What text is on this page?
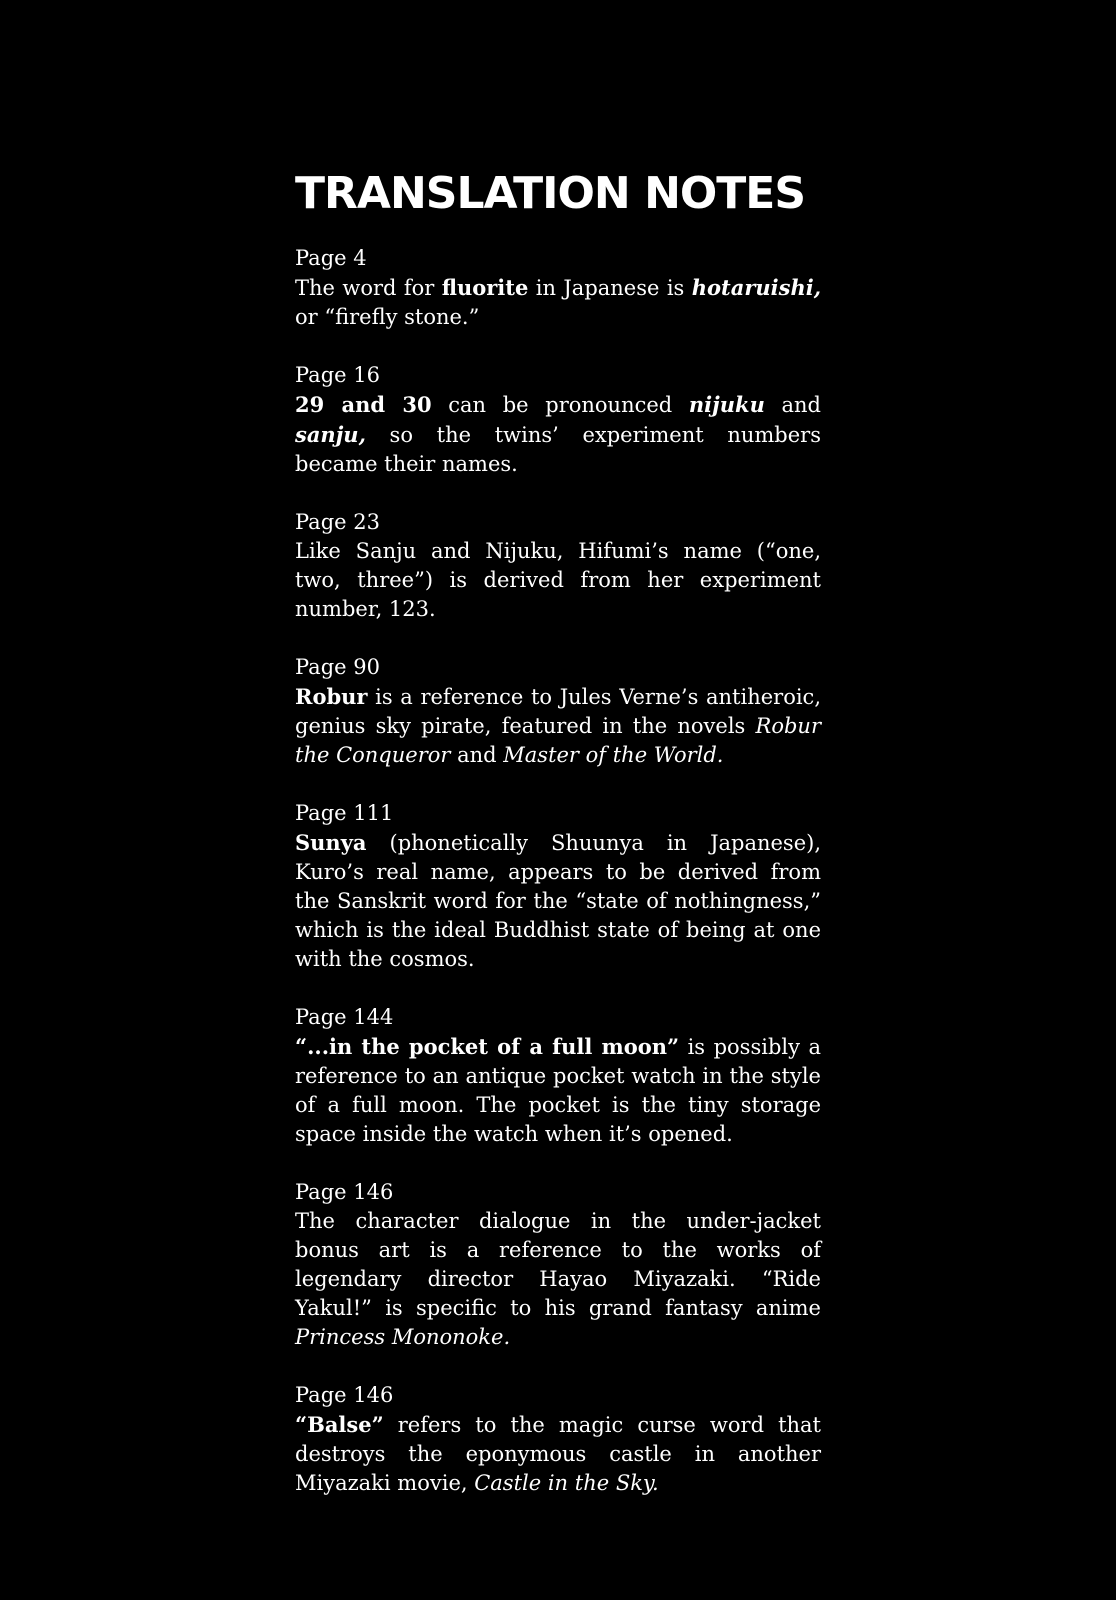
TRANSLATION NOTES
Page 4
The word for fluorite in Japanese is hotaruishi, or “firefly stone.”
Page 16
29 and 30 can be pronounced nijuku and sanju, so the twins’ experiment numbers became their names.
Page 23
Like Sanju and Nijuku, Hifumi’s name (“one, two, three”) is derived from her experiment number, 123.
Page 90
Robur is a reference to Jules Verne’s antiheroic, genius sky pirate, featured in the novels Robur the Conqueror and Master of the World.
Page 111
Sunya (phonetically Shuunya in Japanese), Kuro’s real name, appears to be derived from the Sanskrit word for the “state of nothingness,” which is the ideal Buddhist state of being at one with the cosmos.
Page 144
“...in the pocket of a full moon” is possibly a reference to an antique pocket watch in the style of a full moon. The pocket is the tiny storage space inside the watch when it’s opened.
Page 146
The character dialogue in the under-jacket bonus art is a reference to the works of legendary director Hayao Miyazaki. “Ride Yakul!” is specific to his grand fantasy anime Princess Mononoke.
Page 146
“Balse” refers to the magic curse word that destroys the eponymous castle in another Miyazaki movie, Castle in the Sky.
